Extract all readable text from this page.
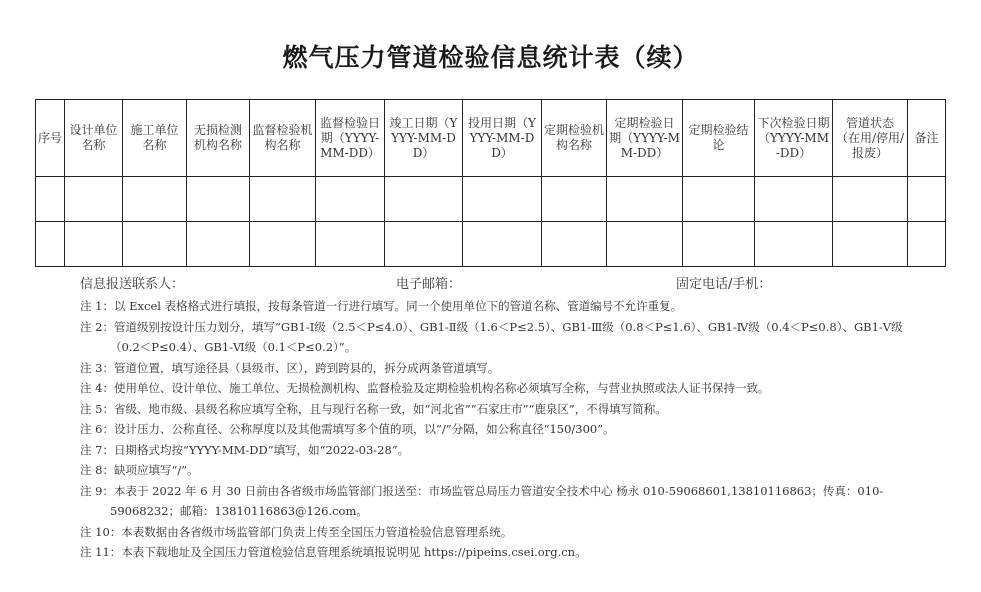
燃气压力管道检验信息统计表（续）
序号	设计单位名称	施工单位名称	无损检测机构名称	监督检验机构名称	监督检验日期（YYYY-MM-DD）	竣工日期（YYYY-MM-DD）	投用日期（YYYY-MM-DD）	定期检验机构名称	定期检验日期（YYYY-MM-DD）	定期检验结论	下次检验日期（YYYY-MM-DD）	管道状态（在用/停用/报废）	备注

信息报送联系人：	电子邮箱：	固定电话/手机：

注 1：以 Excel 表格格式进行填报，按每条管道一行进行填写。同一个使用单位下的管道名称、管道编号不允许重复。

注 2：管道级别按设计压力划分，填写“GB1-Ⅰ级（2.5＜P≤4.0）、GB1-Ⅱ级（1.6＜P≤2.5）、GB1-Ⅲ级（0.8＜P≤1.6）、GB1-Ⅳ级（0.4＜P≤0.8）、GB1-Ⅴ级（0.2＜P≤0.4）、GB1-Ⅵ级（0.1＜P≤0.2）”。

注 3：管道位置，填写途径县（县级市、区），跨到跨县的，拆分成两条管道填写。

注 4：使用单位、设计单位、施工单位、无损检测机构、监督检验及定期检验机构名称必须填写全称，与营业执照或法人证书保持一致。

注 5：省级、地市级、县级名称应填写全称，且与现行名称一致，如“河北省”“石家庄市”“鹿泉区”，不得填写简称。

注 6：设计压力、公称直径、公称厚度以及其他需填写多个值的项，以“/”分隔，如公称直径“150/300”。

注 7：日期格式均按“YYYY-MM-DD”填写，如“2022-03-28”。

注 8：缺项应填写“/”。

注 9：本表于 2022 年 6 月 30 日前由各省级市场监管部门报送至：市场监管总局压力管道安全技术中心 杨永 010-59068601,13810116863；传真：010-59068232；邮箱：13810116863@126.com。

注 10：本表数据由各省级市场监管部门负责上传至全国压力管道检验信息管理系统。

注 11：本表下载地址及全国压力管道检验信息管理系统填报说明见 https://pipeins.csei.org.cn。
